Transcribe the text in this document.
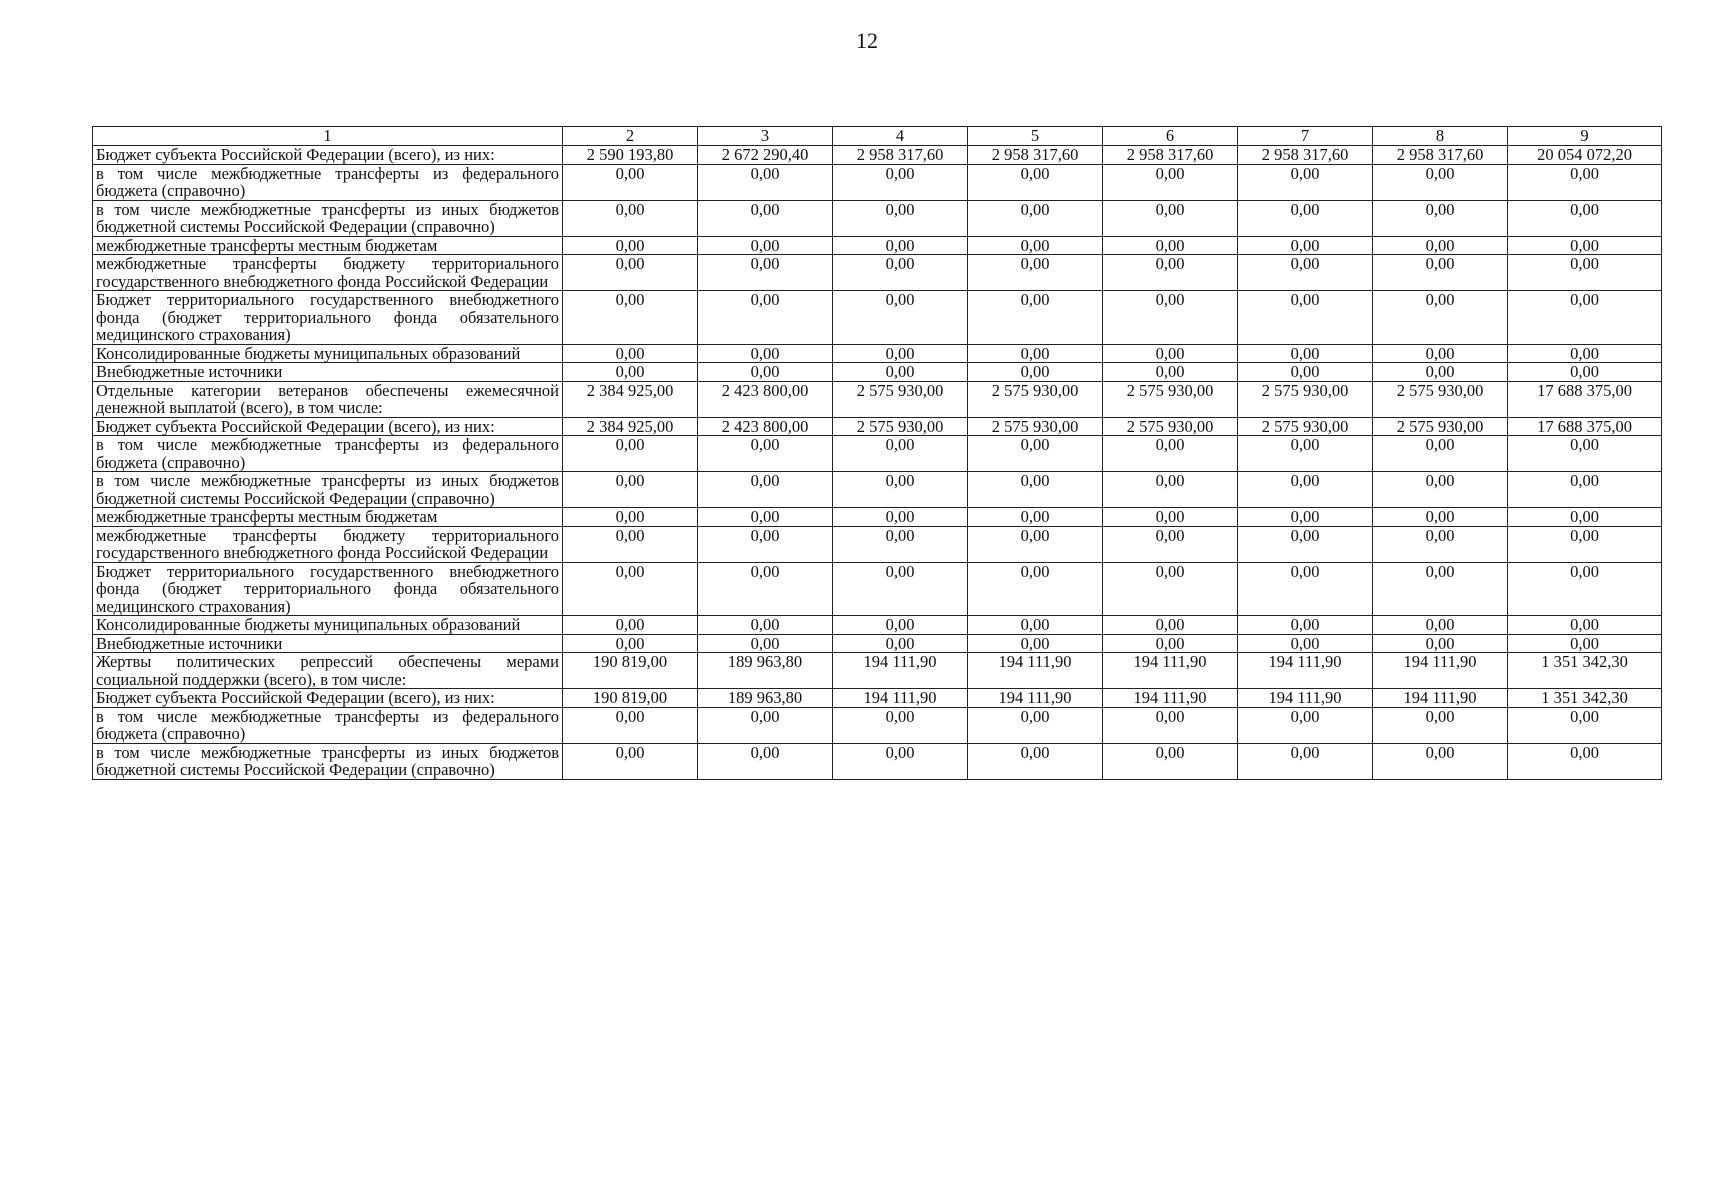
12
1	2	3	4	5	6	7	8	9
Бюджет субъекта Российской Федерации (всего), из них:	2 590 193,80	2 672 290,40	2 958 317,60	2 958 317,60	2 958 317,60	2 958 317,60	2 958 317,60	20 054 072,20
в том числе межбюджетные трансферты из федерального бюджета (справочно)	0,00	0,00	0,00	0,00	0,00	0,00	0,00	0,00
в том числе межбюджетные трансферты из иных бюджетов бюджетной системы Российской Федерации (справочно)	0,00	0,00	0,00	0,00	0,00	0,00	0,00	0,00
межбюджетные трансферты местным бюджетам	0,00	0,00	0,00	0,00	0,00	0,00	0,00	0,00
межбюджетные трансферты бюджету территориального государственного внебюджетного фонда Российской Федерации	0,00	0,00	0,00	0,00	0,00	0,00	0,00	0,00
Бюджет территориального государственного внебюджетного фонда (бюджет территориального фонда обязательного медицинского страхования)	0,00	0,00	0,00	0,00	0,00	0,00	0,00	0,00
Консолидированные бюджеты муниципальных образований	0,00	0,00	0,00	0,00	0,00	0,00	0,00	0,00
Внебюджетные источники	0,00	0,00	0,00	0,00	0,00	0,00	0,00	0,00
Отдельные категории ветеранов обеспечены ежемесячной денежной выплатой (всего), в том числе:	2 384 925,00	2 423 800,00	2 575 930,00	2 575 930,00	2 575 930,00	2 575 930,00	2 575 930,00	17 688 375,00
Бюджет субъекта Российской Федерации (всего), из них:	2 384 925,00	2 423 800,00	2 575 930,00	2 575 930,00	2 575 930,00	2 575 930,00	2 575 930,00	17 688 375,00
в том числе межбюджетные трансферты из федерального бюджета (справочно)	0,00	0,00	0,00	0,00	0,00	0,00	0,00	0,00
в том числе межбюджетные трансферты из иных бюджетов бюджетной системы Российской Федерации (справочно)	0,00	0,00	0,00	0,00	0,00	0,00	0,00	0,00
межбюджетные трансферты местным бюджетам	0,00	0,00	0,00	0,00	0,00	0,00	0,00	0,00
межбюджетные трансферты бюджету территориального государственного внебюджетного фонда Российской Федерации	0,00	0,00	0,00	0,00	0,00	0,00	0,00	0,00
Бюджет территориального государственного внебюджетного фонда (бюджет территориального фонда обязательного медицинского страхования)	0,00	0,00	0,00	0,00	0,00	0,00	0,00	0,00
Консолидированные бюджеты муниципальных образований	0,00	0,00	0,00	0,00	0,00	0,00	0,00	0,00
Внебюджетные источники	0,00	0,00	0,00	0,00	0,00	0,00	0,00	0,00
Жертвы политических репрессий обеспечены мерами социальной поддержки (всего), в том числе:	190 819,00	189 963,80	194 111,90	194 111,90	194 111,90	194 111,90	194 111,90	1 351 342,30
Бюджет субъекта Российской Федерации (всего), из них:	190 819,00	189 963,80	194 111,90	194 111,90	194 111,90	194 111,90	194 111,90	1 351 342,30
в том числе межбюджетные трансферты из федерального бюджета (справочно)	0,00	0,00	0,00	0,00	0,00	0,00	0,00	0,00
в том числе межбюджетные трансферты из иных бюджетов бюджетной системы Российской Федерации (справочно)	0,00	0,00	0,00	0,00	0,00	0,00	0,00	0,00
